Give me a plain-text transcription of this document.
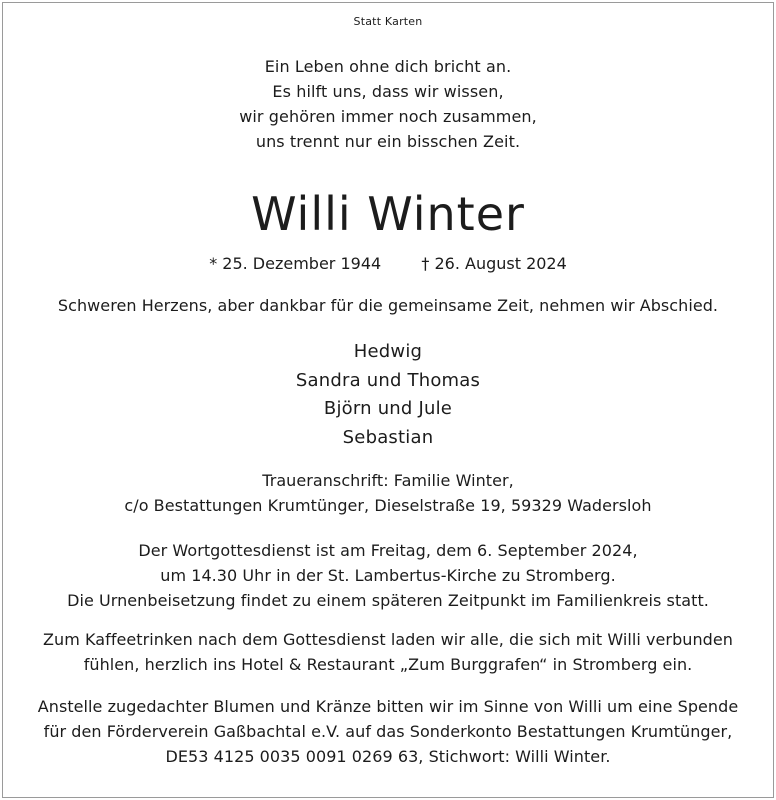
Statt Karten
Ein Leben ohne dich bricht an.
Es hilft uns, dass wir wissen,
wir gehören immer noch zusammen,
uns trennt nur ein bisschen Zeit.
Willi Winter
* 25. Dezember 1944	† 26. August 2024
Schweren Herzens, aber dankbar für die gemeinsame Zeit, nehmen wir Abschied.
Hedwig
Sandra und Thomas
Björn und Jule
Sebastian
Traueranschrift: Familie Winter,
c/o Bestattungen Krumtünger, Dieselstraße 19, 59329 Wadersloh
Der Wortgottesdienst ist am Freitag, dem 6. September 2024,
um 14.30 Uhr in der St. Lambertus-Kirche zu Stromberg.
Die Urnenbeisetzung findet zu einem späteren Zeitpunkt im Familienkreis statt.
Zum Kaffeetrinken nach dem Gottesdienst laden wir alle, die sich mit Willi verbunden
fühlen, herzlich ins Hotel & Restaurant „Zum Burggrafen“ in Stromberg ein.
Anstelle zugedachter Blumen und Kränze bitten wir im Sinne von Willi um eine Spende
für den Förderverein Gaßbachtal e.V. auf das Sonderkonto Bestattungen Krumtünger,
DE53 4125 0035 0091 0269 63, Stichwort: Willi Winter.
